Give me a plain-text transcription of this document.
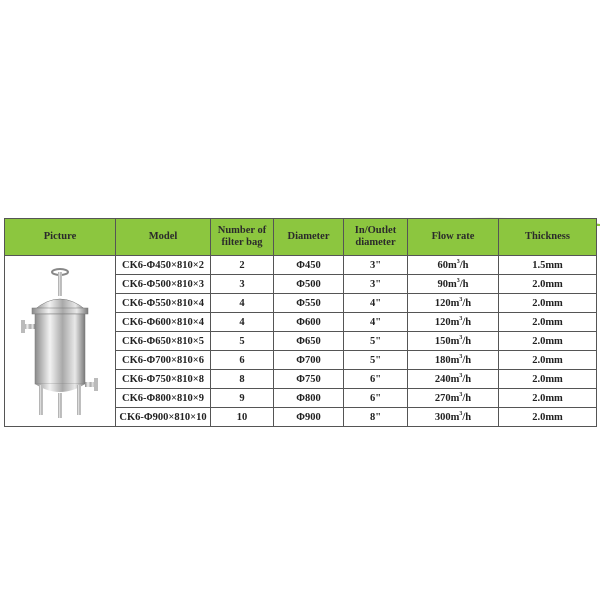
Picture	Model	Number of filter bag	Diameter	In/Outlet diameter	Flow rate	Thickness
	CK6-Φ450×810×2	2	Φ450	3"	$60m^3/h$	1.5mm
	CK6-Φ500×810×3	3	Φ500	3"	$90m^3/h$	2.0mm
	CK6-Φ550×810×4	4	Φ550	4"	$120m^3/h$	2.0mm
	CK6-Φ600×810×4	4	Φ600	4"	$120m^3/h$	2.0mm
	CK6-Φ650×810×5	5	Φ650	5"	$150m^3/h$	2.0mm
	CK6-Φ700×810×6	6	Φ700	5"	$180m^3/h$	2.0mm
	CK6-Φ750×810×8	8	Φ750	6"	$240m^3/h$	2.0mm
	CK6-Φ800×810×9	9	Φ800	6"	$270m^3/h$	2.0mm
	CK6-Φ900×810×10	10	Φ900	8"	$300m^3/h$	2.0mm
